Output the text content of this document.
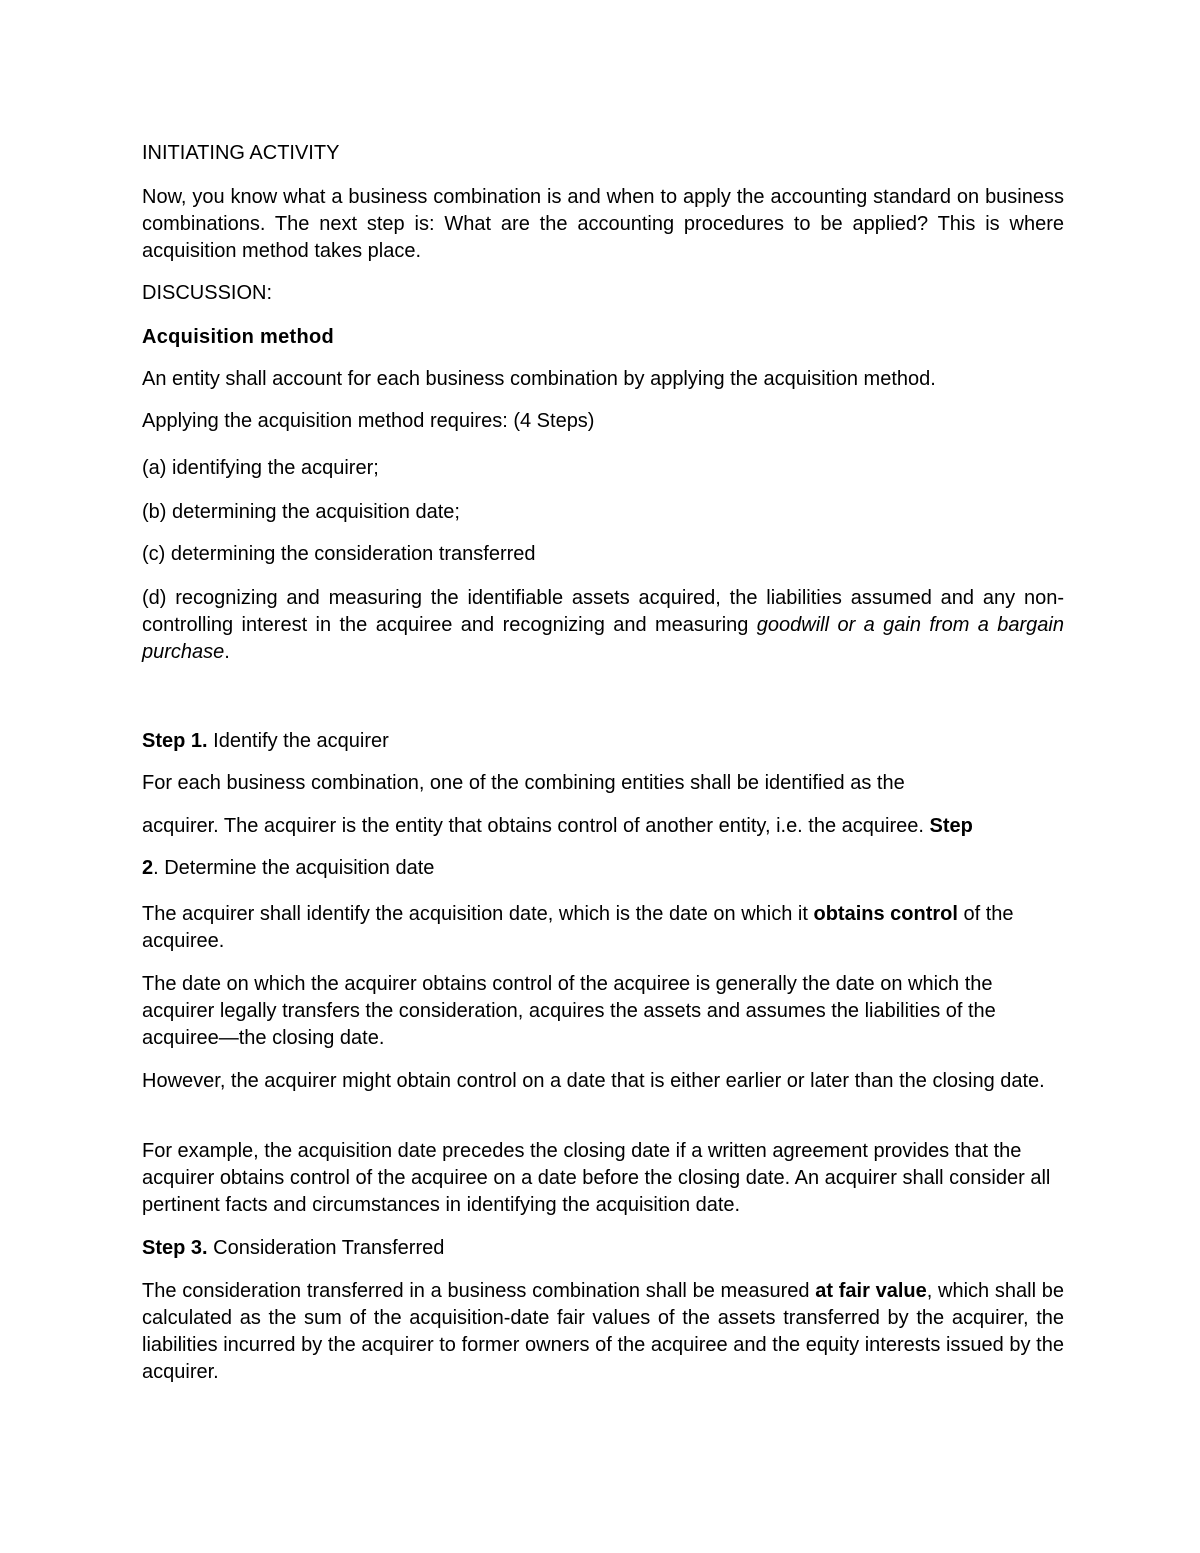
INITIATING ACTIVITY

Now, you know what a business combination is and when to apply the accounting standard on business combinations. The next step is: What are the accounting procedures to be applied? This is where acquisition method takes place.

DISCUSSION:

Acquisition method

An entity shall account for each business combination by applying the acquisition method.

Applying the acquisition method requires: (4 Steps)

(a) identifying the acquirer;

(b) determining the acquisition date;

(c) determining the consideration transferred

(d) recognizing and measuring the identifiable assets acquired, the liabilities assumed and any non-controlling interest in the acquiree and recognizing and measuring goodwill or a gain from a bargain purchase.

Step 1. Identify the acquirer

For each business combination, one of the combining entities shall be identified as the

acquirer. The acquirer is the entity that obtains control of another entity, i.e. the acquiree. Step

2. Determine the acquisition date

The acquirer shall identify the acquisition date, which is the date on which it obtains control of the acquiree.

The date on which the acquirer obtains control of the acquiree is generally the date on which the acquirer legally transfers the consideration, acquires the assets and assumes the liabilities of the acquiree—the closing date.

However, the acquirer might obtain control on a date that is either earlier or later than the closing date.

For example, the acquisition date precedes the closing date if a written agreement provides that the acquirer obtains control of the acquiree on a date before the closing date. An acquirer shall consider all pertinent facts and circumstances in identifying the acquisition date.

Step 3. Consideration Transferred

The consideration transferred in a business combination shall be measured at fair value, which shall be calculated as the sum of the acquisition-date fair values of the assets transferred by the acquirer, the liabilities incurred by the acquirer to former owners of the acquiree and the equity interests issued by the acquirer.
